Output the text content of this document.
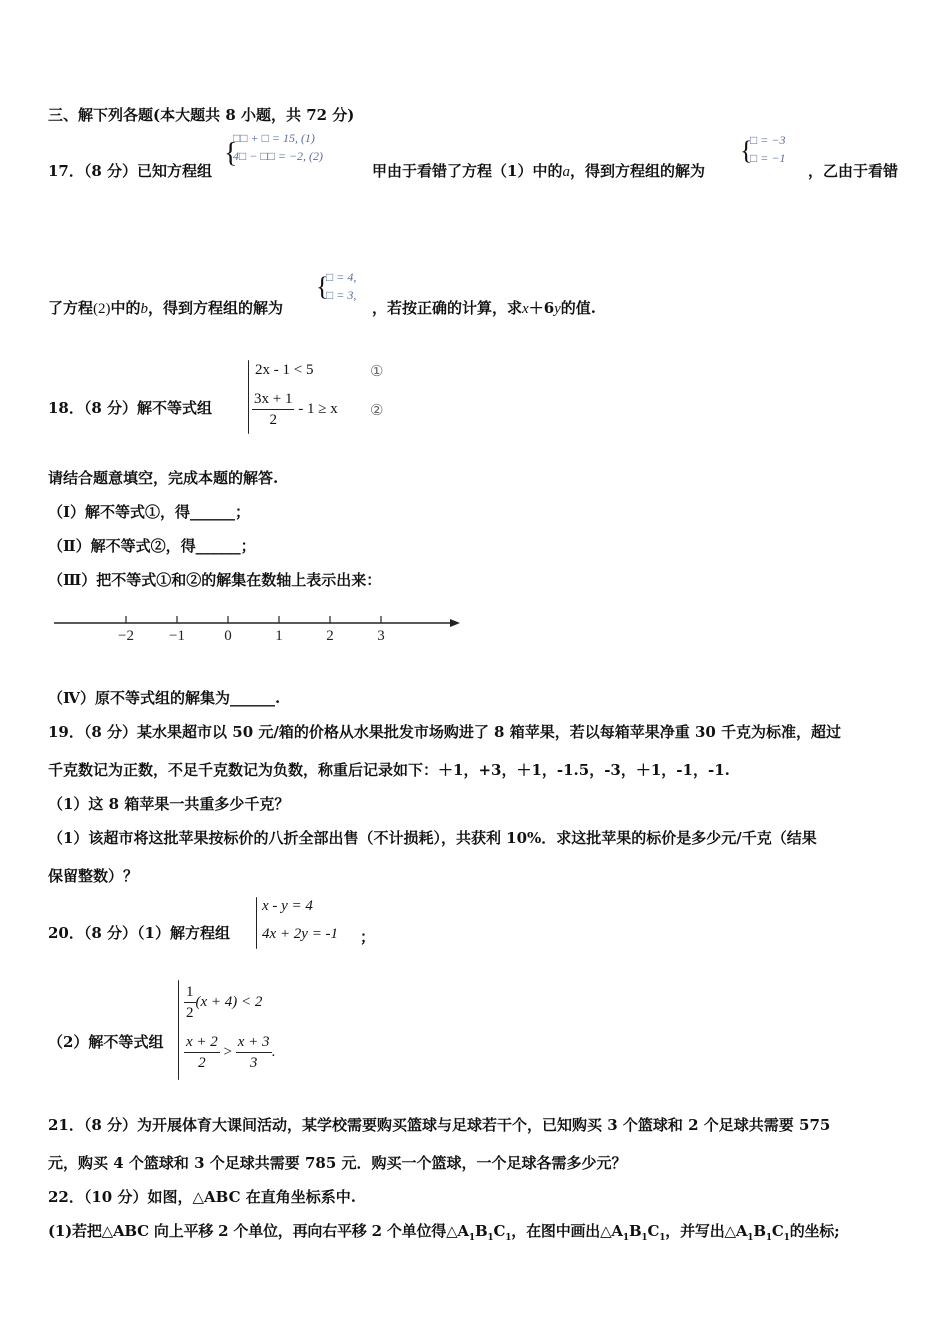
三、解下列各题(本大题共 8 小题，共 72 分)
17．（8 分）已知方程组
{
□□ + □ = 15, (1)
4□ − □□ = −2, (2)
甲由于看错了方程（1）中的a，得到方程组的解为
{
□ = −3
□ = −1
，乙由于看错
了方程(2)中的b，得到方程组的解为
{
□ = 4,
□ = 3,
，若按正确的计算，求x＋6y的值.
18．（8 分）解不等式组
2x - 1 < 5	①
$\frac{3x + 1}{2} - 1 \ge x$ ②
请结合题意填空，完成本题的解答.
（Ⅰ）解不等式①，得______；
（Ⅱ）解不等式②，得______；
（Ⅲ）把不等式①和②的解集在数轴上表示出来：
−2 −1	0	1	2	3
（Ⅳ）原不等式组的解集为______.
19．（8 分）某水果超市以 50 元/箱的价格从水果批发市场购进了 8 箱苹果，若以每箱苹果净重 30 千克为标准，超过
千克数记为正数，不足千克数记为负数，称重后记录如下：＋1，+3，＋1，-1.5，-3，＋1，-1，-1.
（1）这 8 箱苹果一共重多少千克？
（1）该超市将这批苹果按标价的八折全部出售（不计损耗），共获利 10%．求这批苹果的标价是多少元/千克（结果
保留整数）？
20．（8 分）（1）解方程组
x - y = 4
4x + 2y = -1 ；
（2）解不等式组
$\frac{1}{2} (x + 4) < 2$
$\frac{x + 2}{2} > \frac{x + 3}{3}$ .
21．（8 分）为开展体育大课间活动，某学校需要购买篮球与足球若干个，已知购买 3 个篮球和 2 个足球共需要 575
元，购买 4 个篮球和 3 个足球共需要 785 元．购买一个篮球，一个足球各需多少元？
22．（10 分）如图，△ABC 在直角坐标系中.
(1)若把△ABC 向上平移 2 个单位，再向右平移 2 个单位得$\triangle A_1B_1C_1$，在图中画出$\triangle A_1B_1C_1$，并写出$\triangle A_1B_1C_1$的坐标;
